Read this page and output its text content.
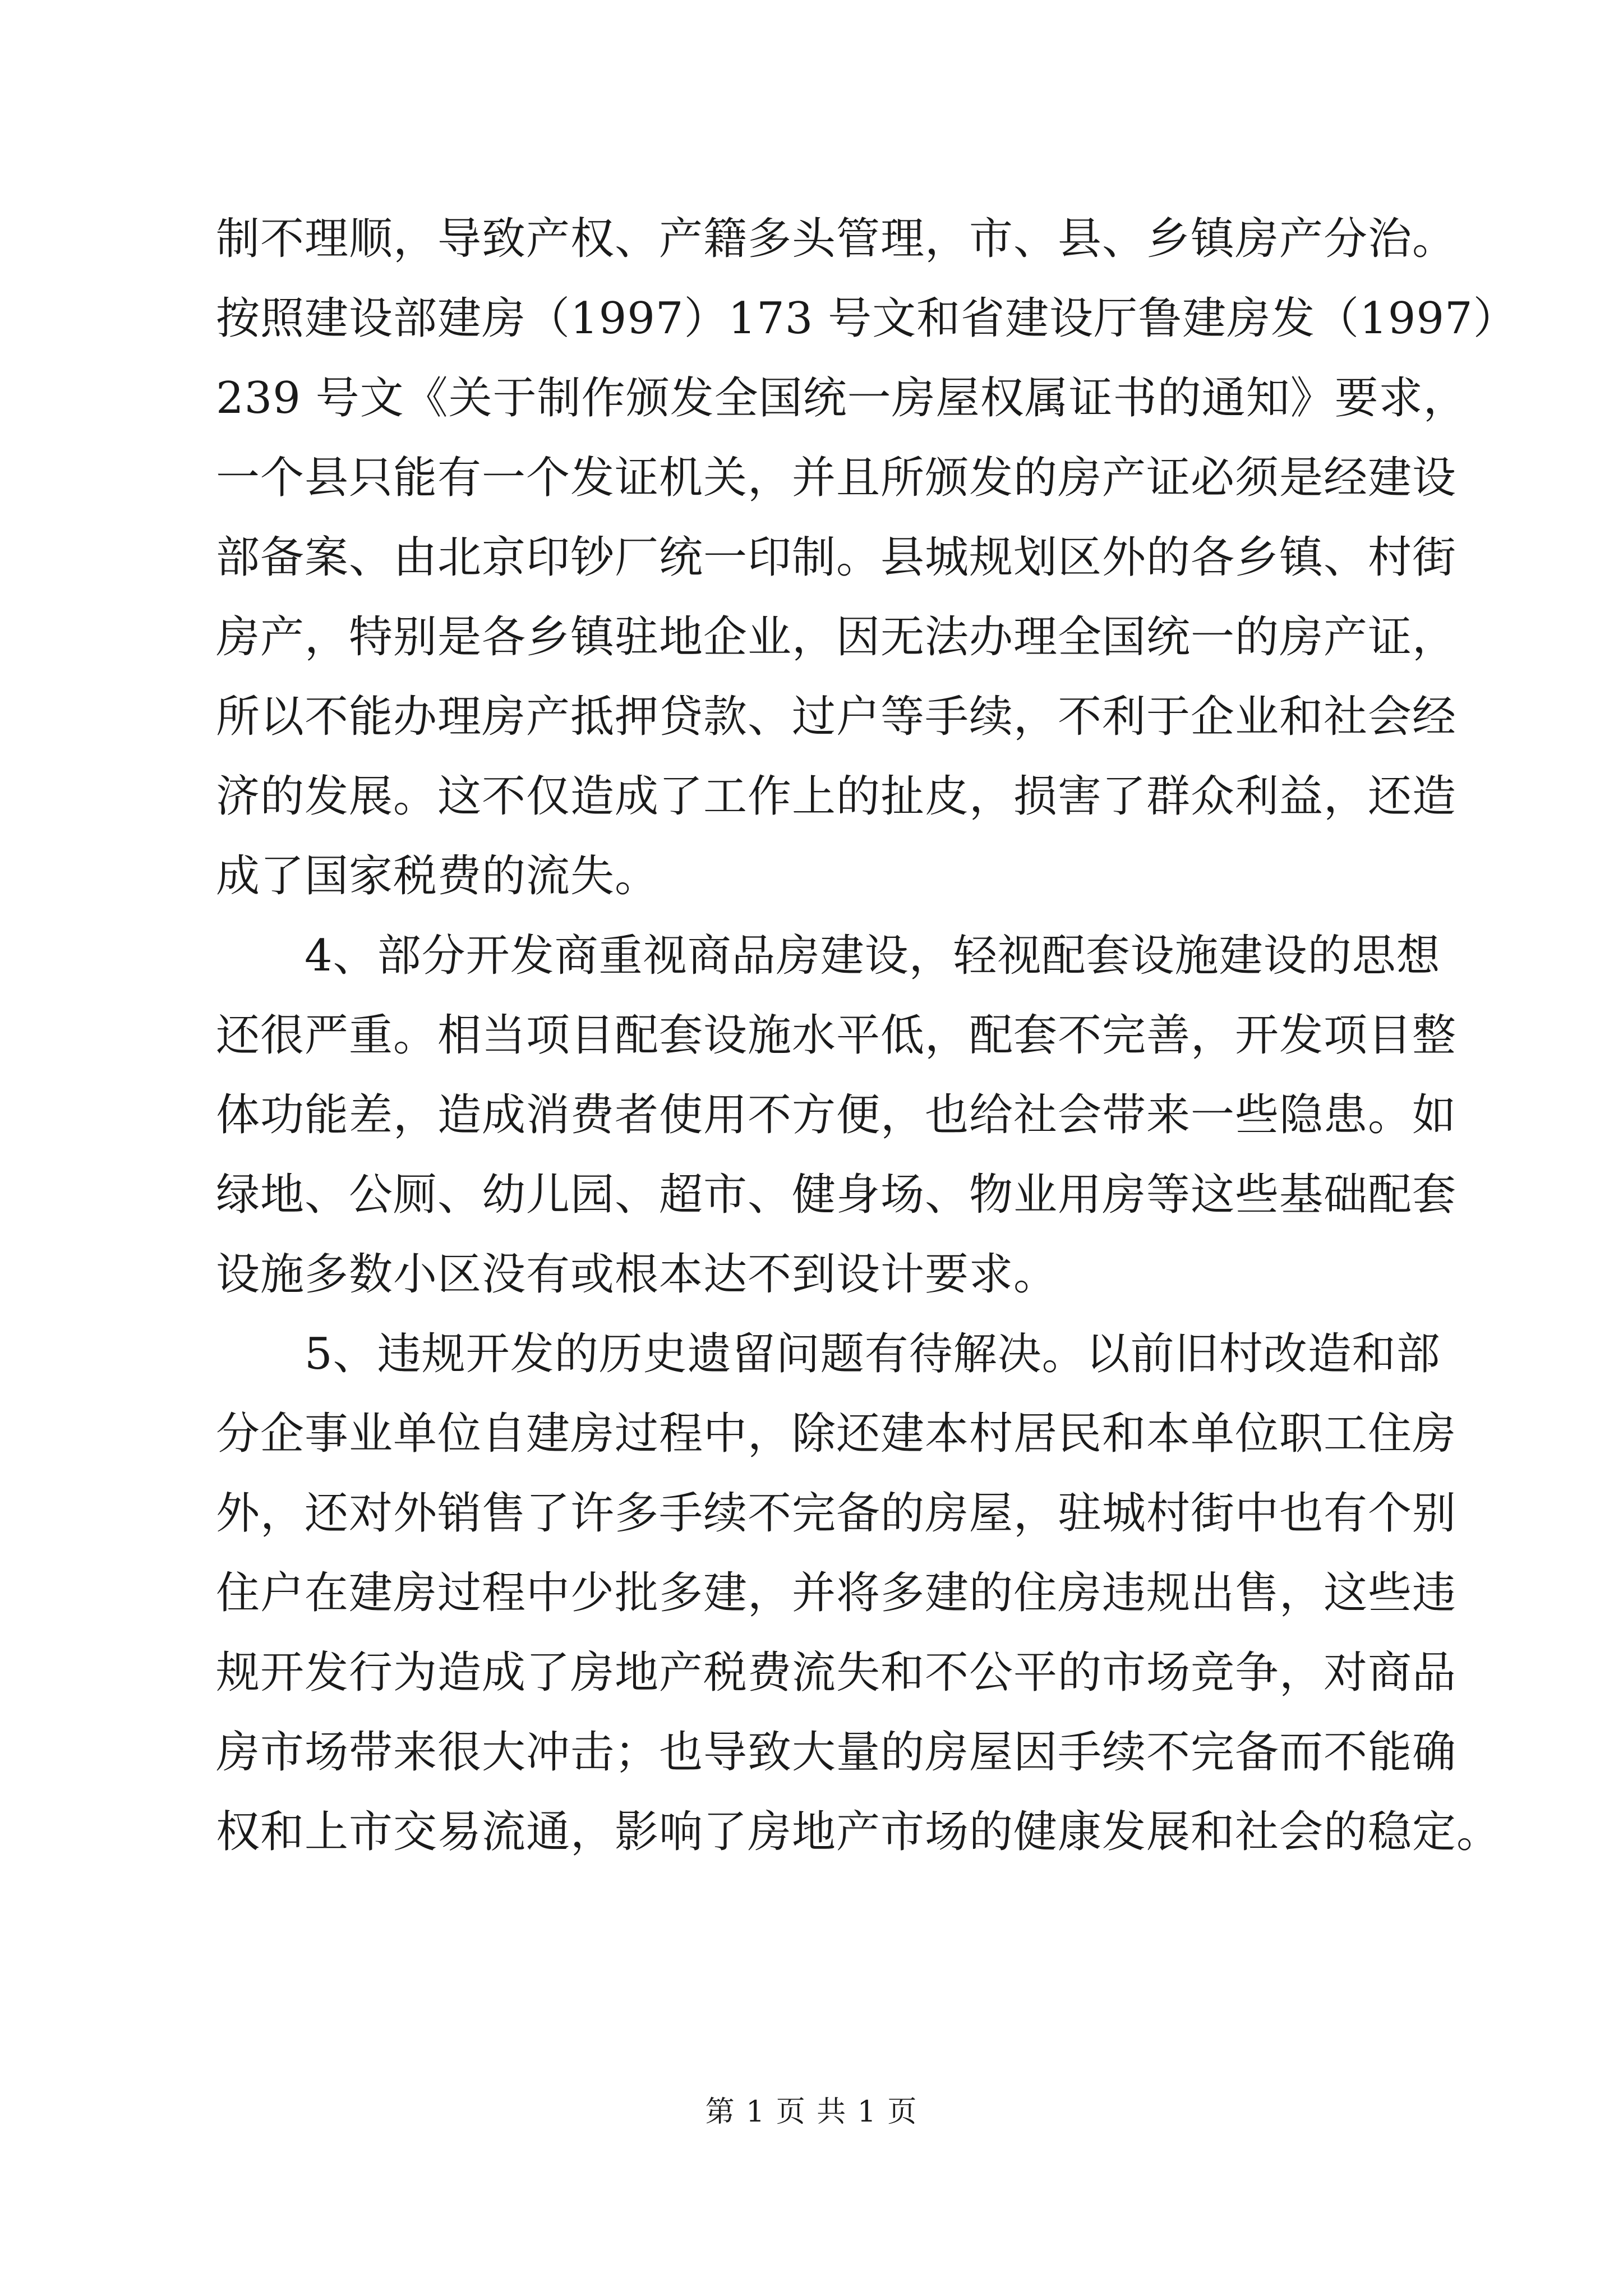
制不理顺，导致产权、产籍多头管理，市、县、乡镇房产分治。
按照建设部建房（1997）173 号文和省建设厅鲁建房发（1997）
239 号文《关于制作颁发全国统一房屋权属证书的通知》要求，
一个县只能有一个发证机关，并且所颁发的房产证必须是经建设
部备案、由北京印钞厂统一印制。县城规划区外的各乡镇、村街
房产，特别是各乡镇驻地企业，因无法办理全国统一的房产证，
所以不能办理房产抵押贷款、过户等手续，不利于企业和社会经
济的发展。这不仅造成了工作上的扯皮，损害了群众利益，还造
成了国家税费的流失。

4、部分开发商重视商品房建设，轻视配套设施建设的思想
还很严重。相当项目配套设施水平低，配套不完善，开发项目整
体功能差，造成消费者使用不方便，也给社会带来一些隐患。如
绿地、公厕、幼儿园、超市、健身场、物业用房等这些基础配套
设施多数小区没有或根本达不到设计要求。

5、违规开发的历史遗留问题有待解决。以前旧村改造和部
分企事业单位自建房过程中，除还建本村居民和本单位职工住房
外，还对外销售了许多手续不完备的房屋，驻城村街中也有个别
住户在建房过程中少批多建，并将多建的住房违规出售，这些违
规开发行为造成了房地产税费流失和不公平的市场竞争，对商品
房市场带来很大冲击；也导致大量的房屋因手续不完备而不能确
权和上市交易流通，影响了房地产市场的健康发展和社会的稳定。

第 1 页 共 1 页
